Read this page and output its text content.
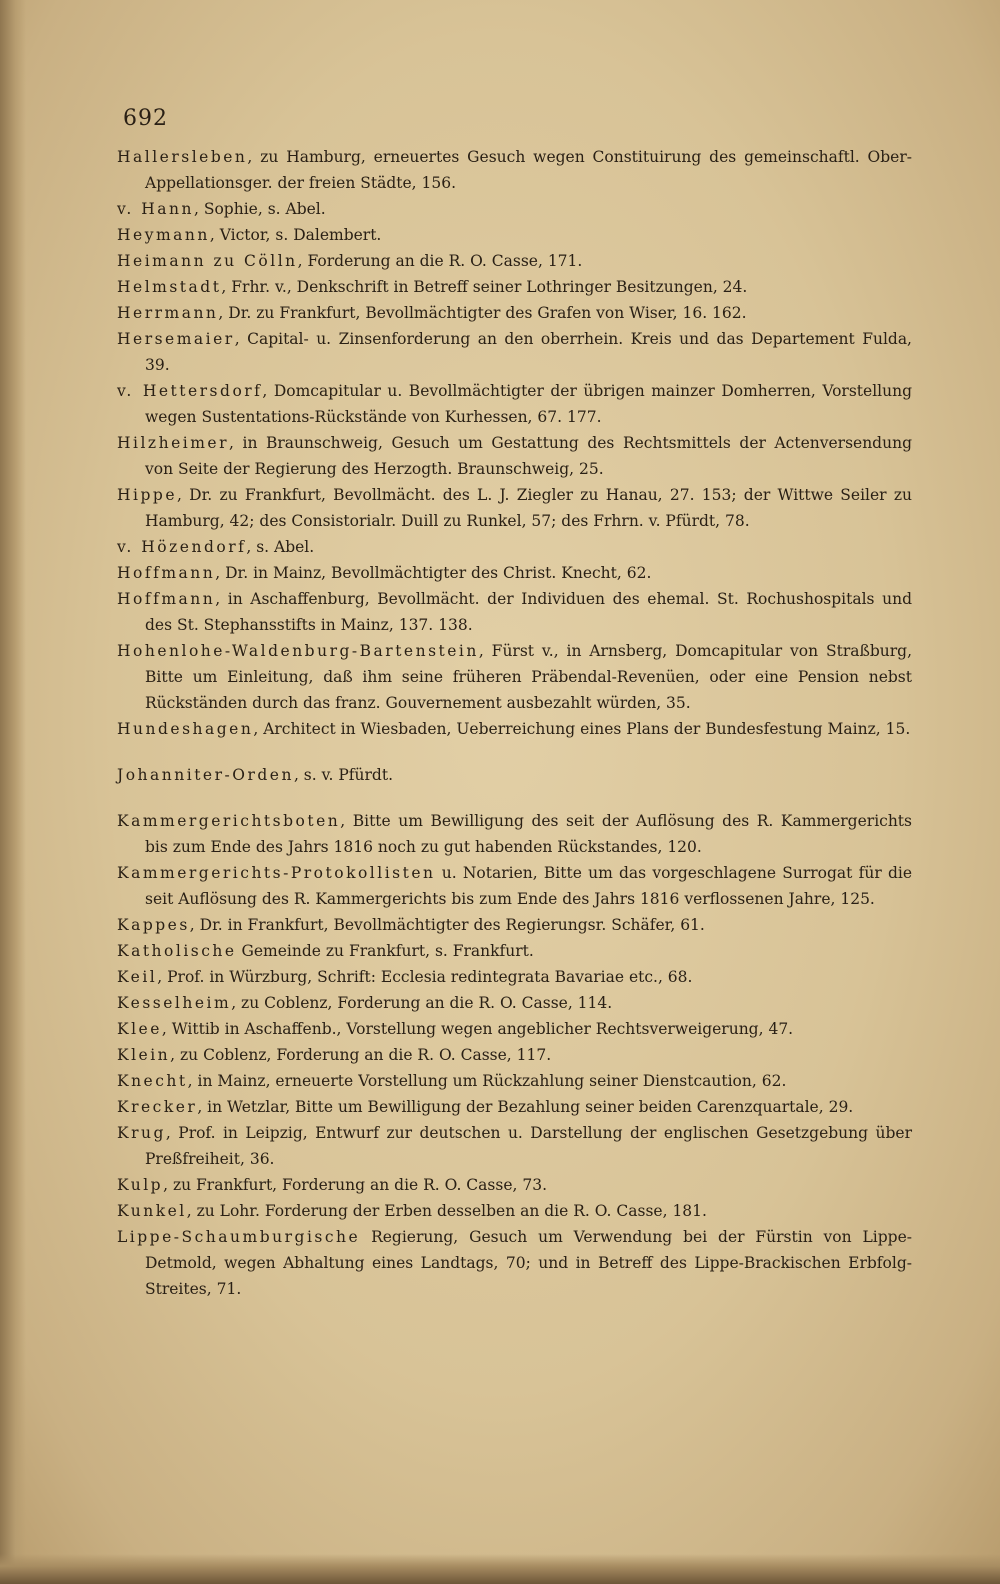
692

Hallersleben, zu Hamburg, erneuertes Gesuch wegen Constituirung des gemeinschaftl. Ober-Appellationsger. der freien Städte, 156.

v. Hann, Sophie, s. Abel.

Heymann, Victor, s. Dalembert.

Heimann zu Cölln, Forderung an die R. O. Casse, 171.

Helmstadt, Frhr. v., Denkschrift in Betreff seiner Lothringer Besitzungen, 24.

Herrmann, Dr. zu Frankfurt, Bevollmächtigter des Grafen von Wiser, 16. 162.

Hersemaier, Capital- u. Zinsenforderung an den oberrhein. Kreis und das Departement Fulda, 39.

v. Hettersdorf, Domcapitular u. Bevollmächtigter der übrigen mainzer Domherren, Vorstellung wegen Sustentations-Rückstände von Kurhessen, 67. 177.

Hilzheimer, in Braunschweig, Gesuch um Gestattung des Rechtsmittels der Actenversendung von Seite der Regierung des Herzogth. Braunschweig, 25.

Hippe, Dr. zu Frankfurt, Bevollmächt. des L. J. Ziegler zu Hanau, 27. 153; der Wittwe Seiler zu Hamburg, 42; des Consistorialr. Duill zu Runkel, 57; des Frhrn. v. Pfürdt, 78.

v. Hözendorf, s. Abel.

Hoffmann, Dr. in Mainz, Bevollmächtigter des Christ. Knecht, 62.

Hoffmann, in Aschaffenburg, Bevollmächt. der Individuen des ehemal. St. Rochushospitals und des St. Stephansstifts in Mainz, 137. 138.

Hohenlohe-Waldenburg-Bartenstein, Fürst v., in Arnsberg, Domcapitular von Straßburg, Bitte um Einleitung, daß ihm seine früheren Präbendal-Revenüen, oder eine Pension nebst Rückständen durch das franz. Gouvernement ausbezahlt würden, 35.

Hundeshagen, Architect in Wiesbaden, Ueberreichung eines Plans der Bundesfestung Mainz, 15.

Johanniter-Orden, s. v. Pfürdt.

Kammergerichtsboten, Bitte um Bewilligung des seit der Auflösung des R. Kammergerichts bis zum Ende des Jahrs 1816 noch zu gut habenden Rückstandes, 120.

Kammergerichts-Protokollisten u. Notarien, Bitte um das vorgeschlagene Surrogat für die seit Auflösung des R. Kammergerichts bis zum Ende des Jahrs 1816 verflossenen Jahre, 125.

Kappes, Dr. in Frankfurt, Bevollmächtigter des Regierungsr. Schäfer, 61.

Katholische Gemeinde zu Frankfurt, s. Frankfurt.

Keil, Prof. in Würzburg, Schrift: Ecclesia redintegrata Bavariae etc., 68.

Kesselheim, zu Coblenz, Forderung an die R. O. Casse, 114.

Klee, Wittib in Aschaffenb., Vorstellung wegen angeblicher Rechtsverweigerung, 47.

Klein, zu Coblenz, Forderung an die R. O. Casse, 117.

Knecht, in Mainz, erneuerte Vorstellung um Rückzahlung seiner Dienstcaution, 62.

Krecker, in Wetzlar, Bitte um Bewilligung der Bezahlung seiner beiden Carenzquartale, 29.

Krug, Prof. in Leipzig, Entwurf zur deutschen u. Darstellung der englischen Gesetzgebung über Preßfreiheit, 36.

Kulp, zu Frankfurt, Forderung an die R. O. Casse, 73.

Kunkel, zu Lohr. Forderung der Erben desselben an die R. O. Casse, 181.

Lippe-Schaumburgische Regierung, Gesuch um Verwendung bei der Fürstin von Lippe-Detmold, wegen Abhaltung eines Landtags, 70; und in Betreff des Lippe-Brackischen Erbfolg-Streites, 71.
